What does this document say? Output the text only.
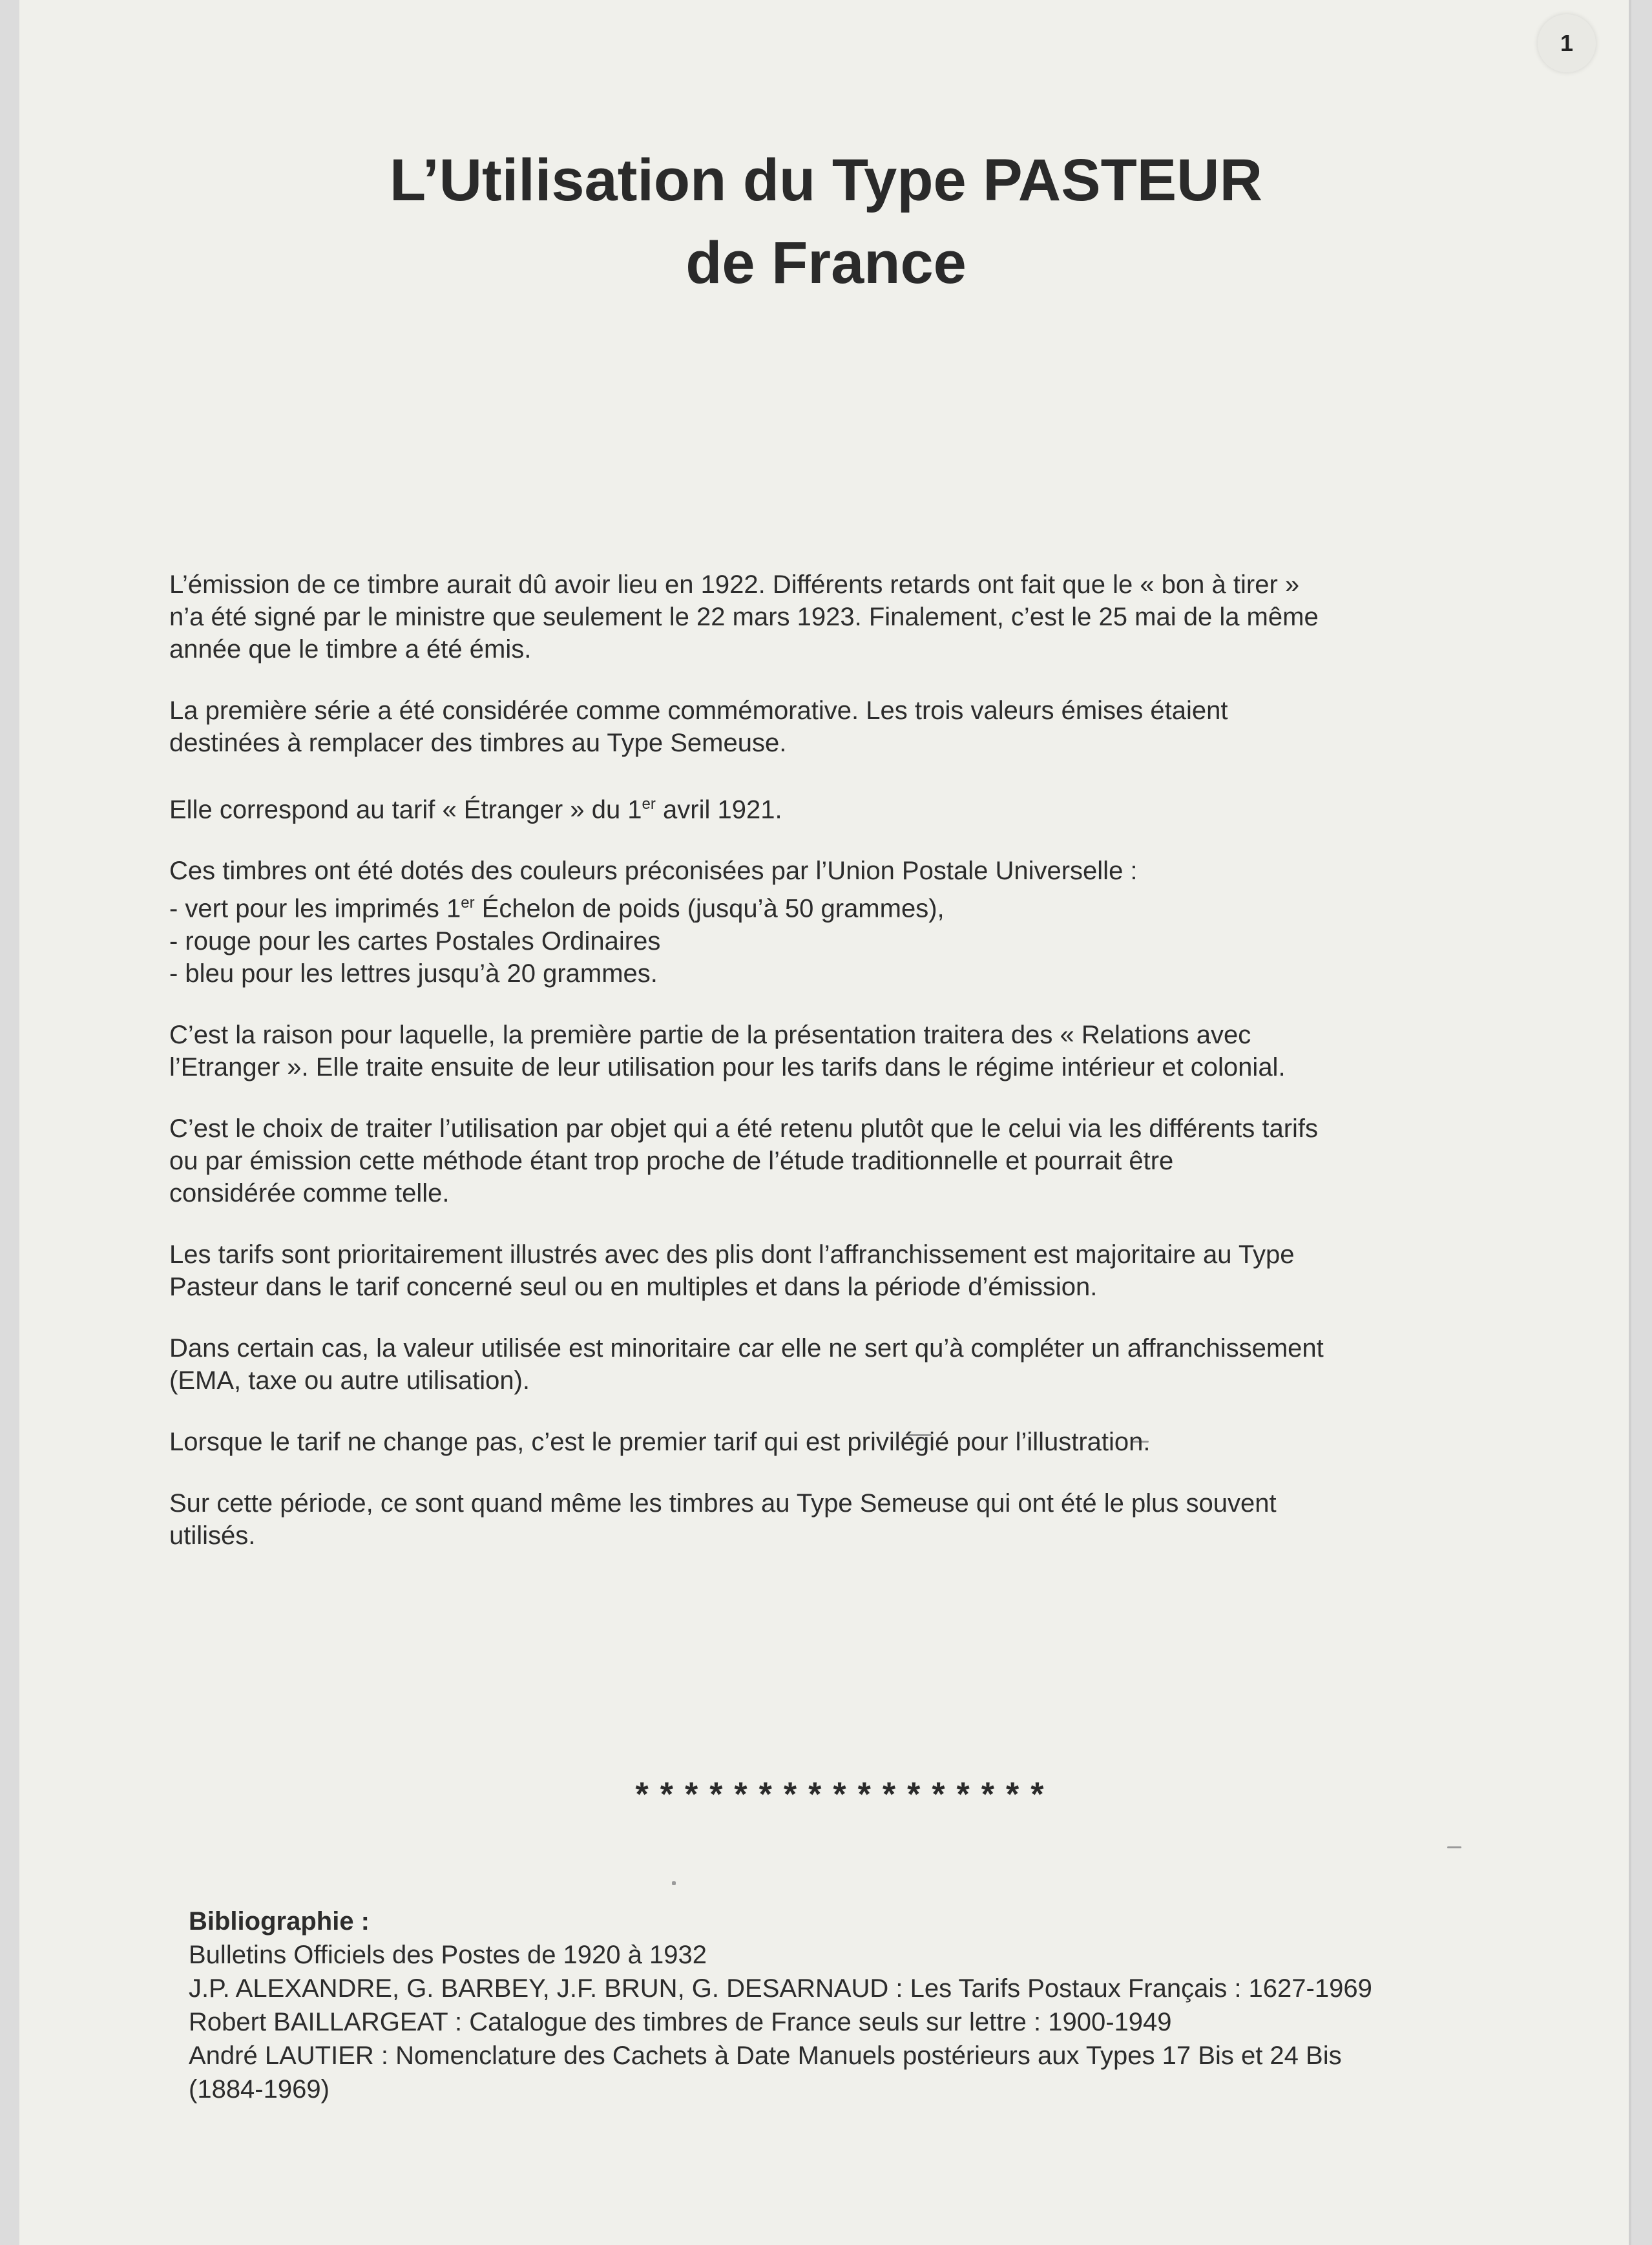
1
L’Utilisation du Type PASTEUR
de France

L’émission de ce timbre aurait dû avoir lieu en 1922. Différents retards ont fait que le « bon à tirer »
n’a été signé par le ministre que seulement le 22 mars 1923. Finalement, c’est le 25 mai de la même
année que le timbre a été émis.

La première série a été considérée comme commémorative. Les trois valeurs émises étaient
destinées à remplacer des timbres au Type Semeuse.

Elle correspond au tarif « Étranger » du 1er avril 1921.

Ces timbres ont été dotés des couleurs préconisées par l’Union Postale Universelle :
- vert pour les imprimés 1er Échelon de poids (jusqu’à 50 grammes),
- rouge pour les cartes Postales Ordinaires
- bleu pour les lettres jusqu’à 20 grammes.

C’est la raison pour laquelle, la première partie de la présentation traitera des « Relations avec
l’Etranger ». Elle traite ensuite de leur utilisation pour les tarifs dans le régime intérieur et colonial.

C’est le choix de traiter l’utilisation par objet qui a été retenu plutôt que le celui via les différents tarifs
ou par émission cette méthode étant trop proche de l’étude traditionnelle et pourrait être
considérée comme telle.

Les tarifs sont prioritairement illustrés avec des plis dont l’affranchissement est majoritaire au Type
Pasteur dans le tarif concerné seul ou en multiples et dans la période d’émission.

Dans certain cas, la valeur utilisée est minoritaire car elle ne sert qu’à compléter un affranchissement
(EMA, taxe ou autre utilisation).

Lorsque le tarif ne change pas, c’est le premier tarif qui est privilégié pour l’illustration.

Sur cette période, ce sont quand même les timbres au Type Semeuse qui ont été le plus souvent
utilisés.

*****************
Bibliographie :
Bulletins Officiels des Postes de 1920 à 1932
J.P. ALEXANDRE, G. BARBEY, J.F. BRUN, G. DESARNAUD : Les Tarifs Postaux Français : 1627-1969
Robert BAILLARGEAT : Catalogue des timbres de France seuls sur lettre : 1900-1949
André LAUTIER : Nomenclature des Cachets à Date Manuels postérieurs aux Types 17 Bis et 24 Bis
(1884-1969)
